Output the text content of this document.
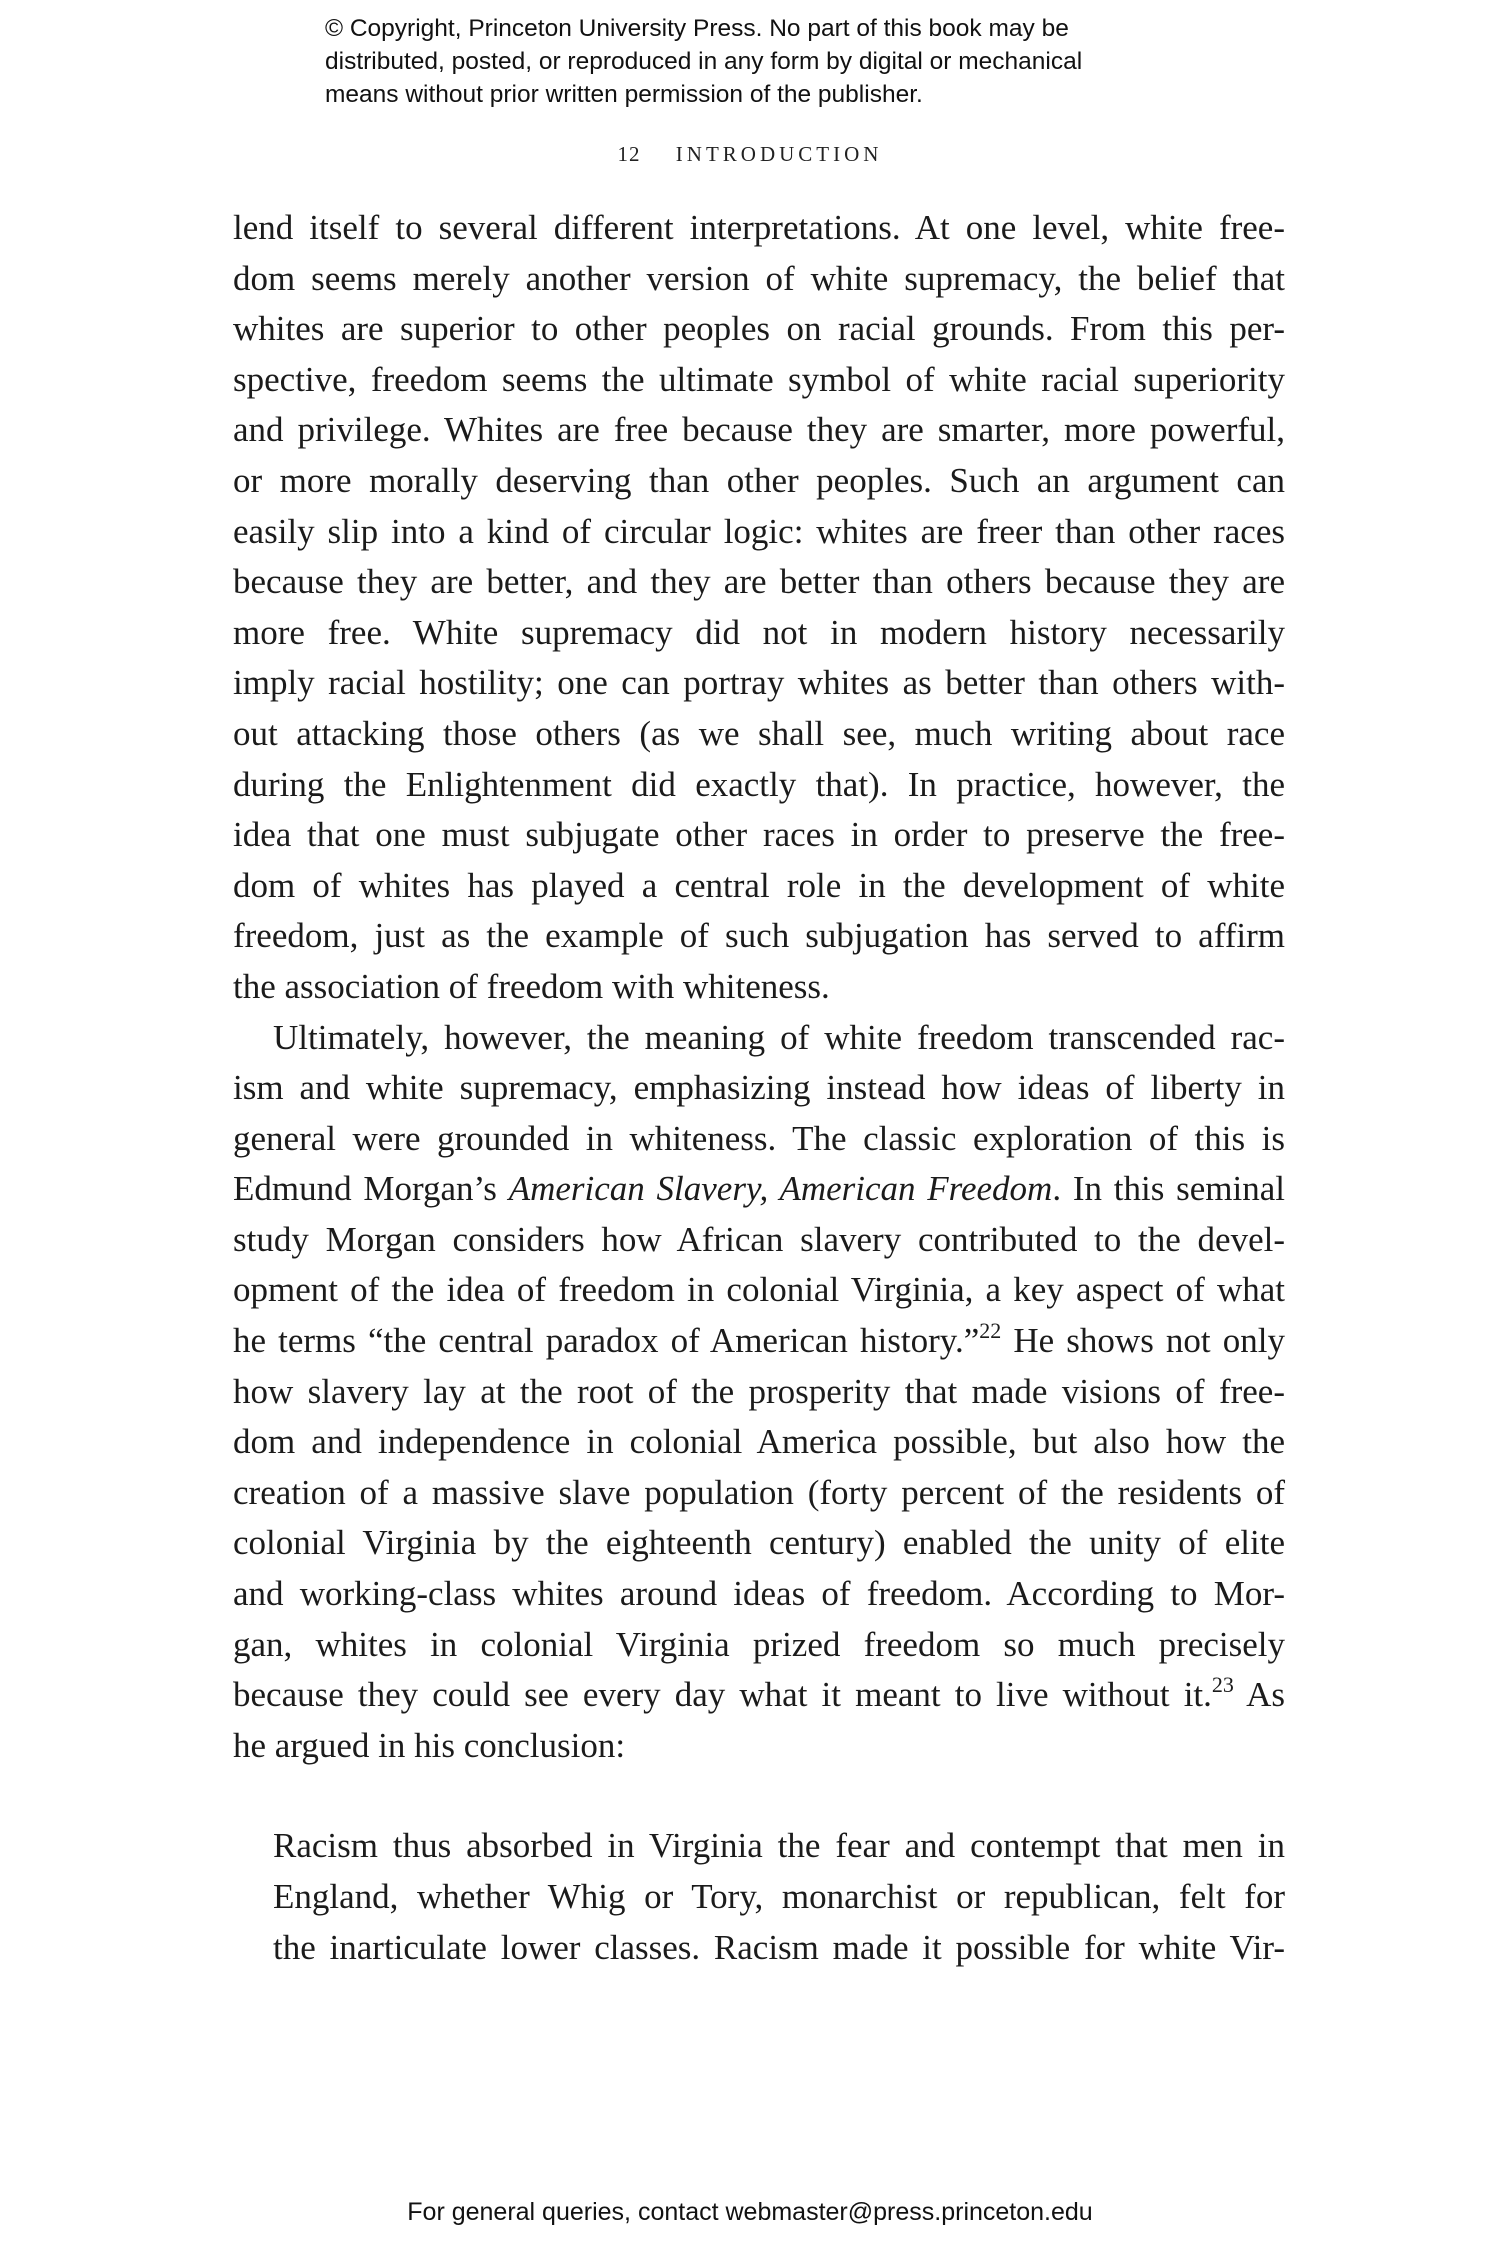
© Copyright, Princeton University Press. No part of this book may be
distributed, posted, or reproduced in any form by digital or mechanical
means without prior written permission of the publisher.
12 INTRODUCTION
lend itself to several different interpretations. At one level, white free-
dom seems merely another version of white supremacy, the belief that
whites are superior to other peoples on racial grounds. From this per-
spective, freedom seems the ultimate symbol of white racial superiority
and privilege. Whites are free because they are smarter, more powerful,
or more morally deserving than other peoples. Such an argument can
easily slip into a kind of circular logic: whites are freer than other races
because they are better, and they are better than others because they are
more free. White supremacy did not in modern history necessarily
imply racial hostility; one can portray whites as better than others with-
out attacking those others (as we shall see, much writing about race
during the Enlightenment did exactly that). In practice, however, the
idea that one must subjugate other races in order to preserve the free-
dom of whites has played a central role in the development of white
freedom, just as the example of such subjugation has served to affirm
the association of freedom with whiteness.
Ultimately, however, the meaning of white freedom transcended rac-
ism and white supremacy, emphasizing instead how ideas of liberty in
general were grounded in whiteness. The classic exploration of this is
Edmund Morgan’s American Slavery, American Freedom. In this seminal
study Morgan considers how African slavery contributed to the devel-
opment of the idea of freedom in colonial Virginia, a key aspect of what
he terms “the central paradox of American history.”$^{22}$ He shows not only
how slavery lay at the root of the prosperity that made visions of free-
dom and independence in colonial America possible, but also how the
creation of a massive slave population (forty percent of the residents of
colonial Virginia by the eighteenth century) enabled the unity of elite
and working-class whites around ideas of freedom. According to Mor-
gan, whites in colonial Virginia prized freedom so much precisely
because they could see every day what it meant to live without it.$^{23}$ As
he argued in his conclusion:
Racism thus absorbed in Virginia the fear and contempt that men in
England, whether Whig or Tory, monarchist or republican, felt for
the inarticulate lower classes. Racism made it possible for white Vir-
For general queries, contact webmaster@press.princeton.edu
